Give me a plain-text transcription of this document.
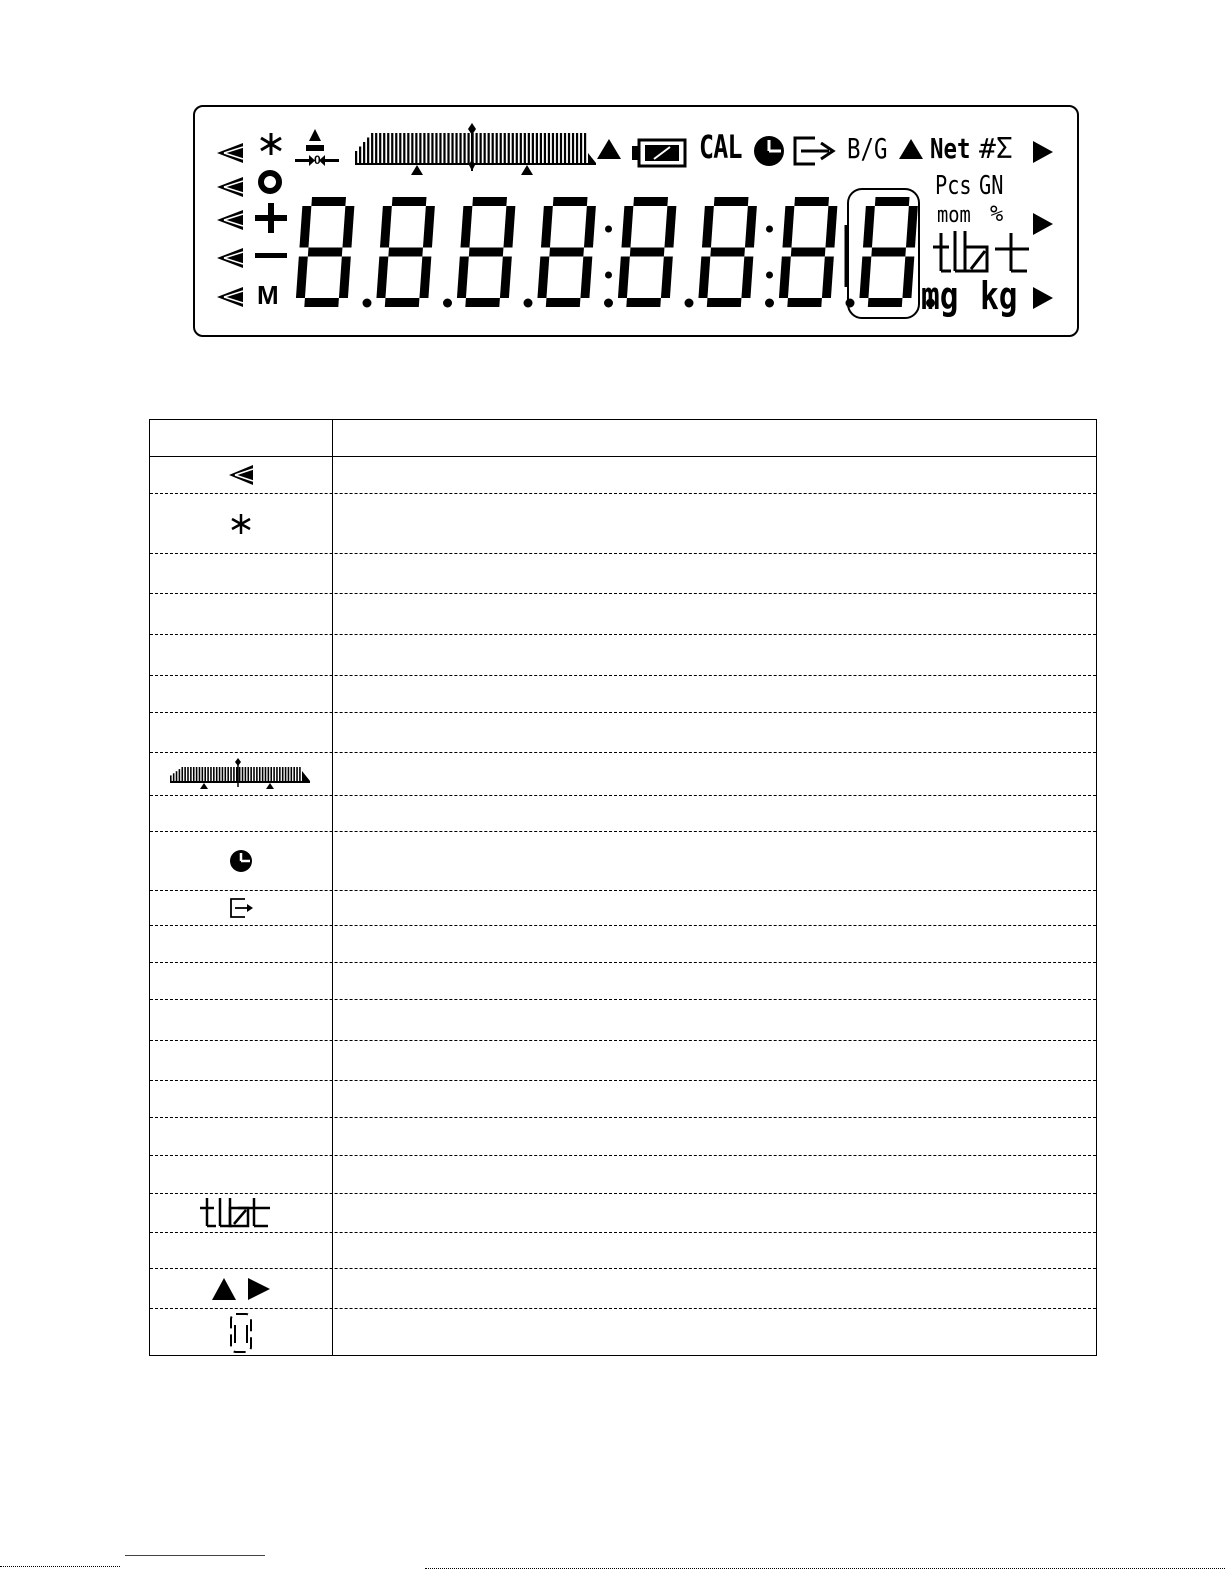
M
CAL	B/G Net #Σ
Pcs GN
mom %
mg kg
0
